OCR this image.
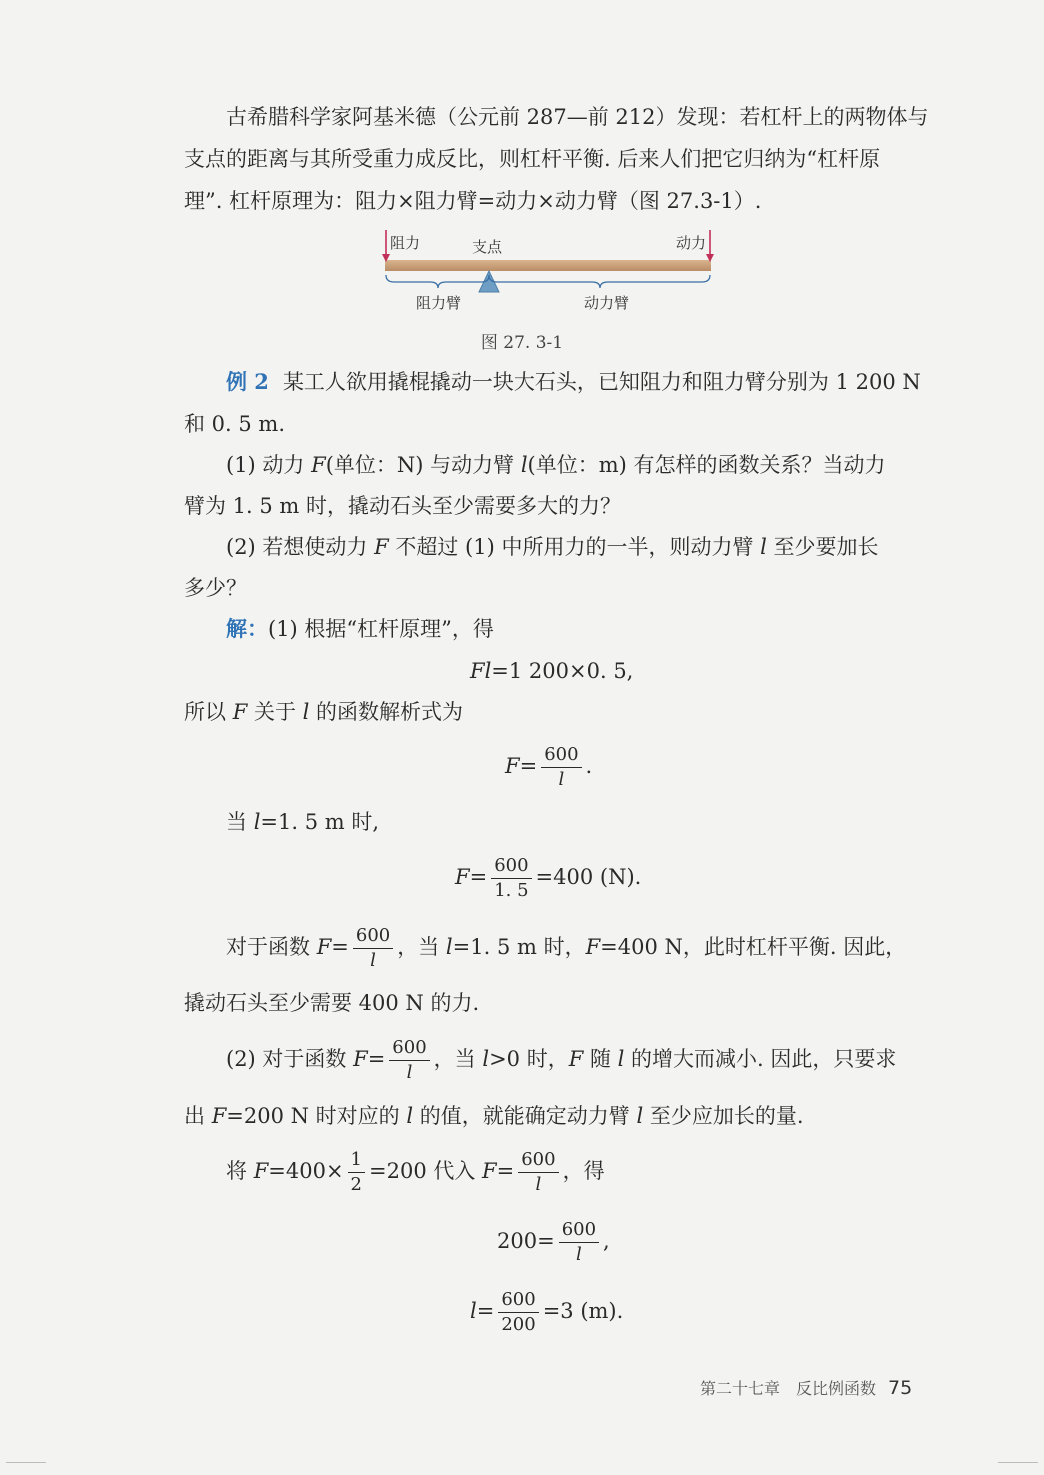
古希腊科学家阿基米德（公元前 287—前 212）发现：若杠杆上的两物体与
支点的距离与其所受重力成反比，则杠杆平衡. 后来人们把它归纳为“杠杆原
理”. 杠杆原理为：阻力×阻力臂=动力×动力臂（图 27.3-1）.
阻力	支点	动力
阻力臂	动力臂
图 27. 3-1
例 2 某工人欲用撬棍撬动一块大石头，已知阻力和阻力臂分别为 1 200 N
和 0. 5 m.
(1) 动力 F(单位：N) 与动力臂 l(单位：m) 有怎样的函数关系？当动力
臂为 1. 5 m 时，撬动石头至少需要多大的力？
(2) 若想使动力 F 不超过 (1) 中所用力的一半，则动力臂 l 至少要加长
多少？
解：(1) 根据“杠杆原理”，得
Fl=1 200×0. 5,
所以 F 关于 l 的函数解析式为
$F= \frac{600}{l}$ .
当 l=1. 5 m 时,
$F= \frac{600}{1. 5} =400$ (N).
对于函数 $F= \frac{600}{l}$ ，当 l=1. 5 m 时，F=400 N，此时杠杆平衡. 因此，
撬动石头至少需要 400 N 的力.
(2) 对于函数 $F= \frac{600}{l}$ ，当 l>0 时，F 随 l 的增大而减小. 因此，只要求
出 F=200 N 时对应的 l 的值，就能确定动力臂 l 至少应加长的量.
将 $F=400\times \frac{1}{2} =200$ 代入 $F= \frac{600}{l}$ ，得
$200= \frac{600}{l}$ ,
$l= \frac{600}{200} =3$ (m).
第二十七章　反比例函数 75
